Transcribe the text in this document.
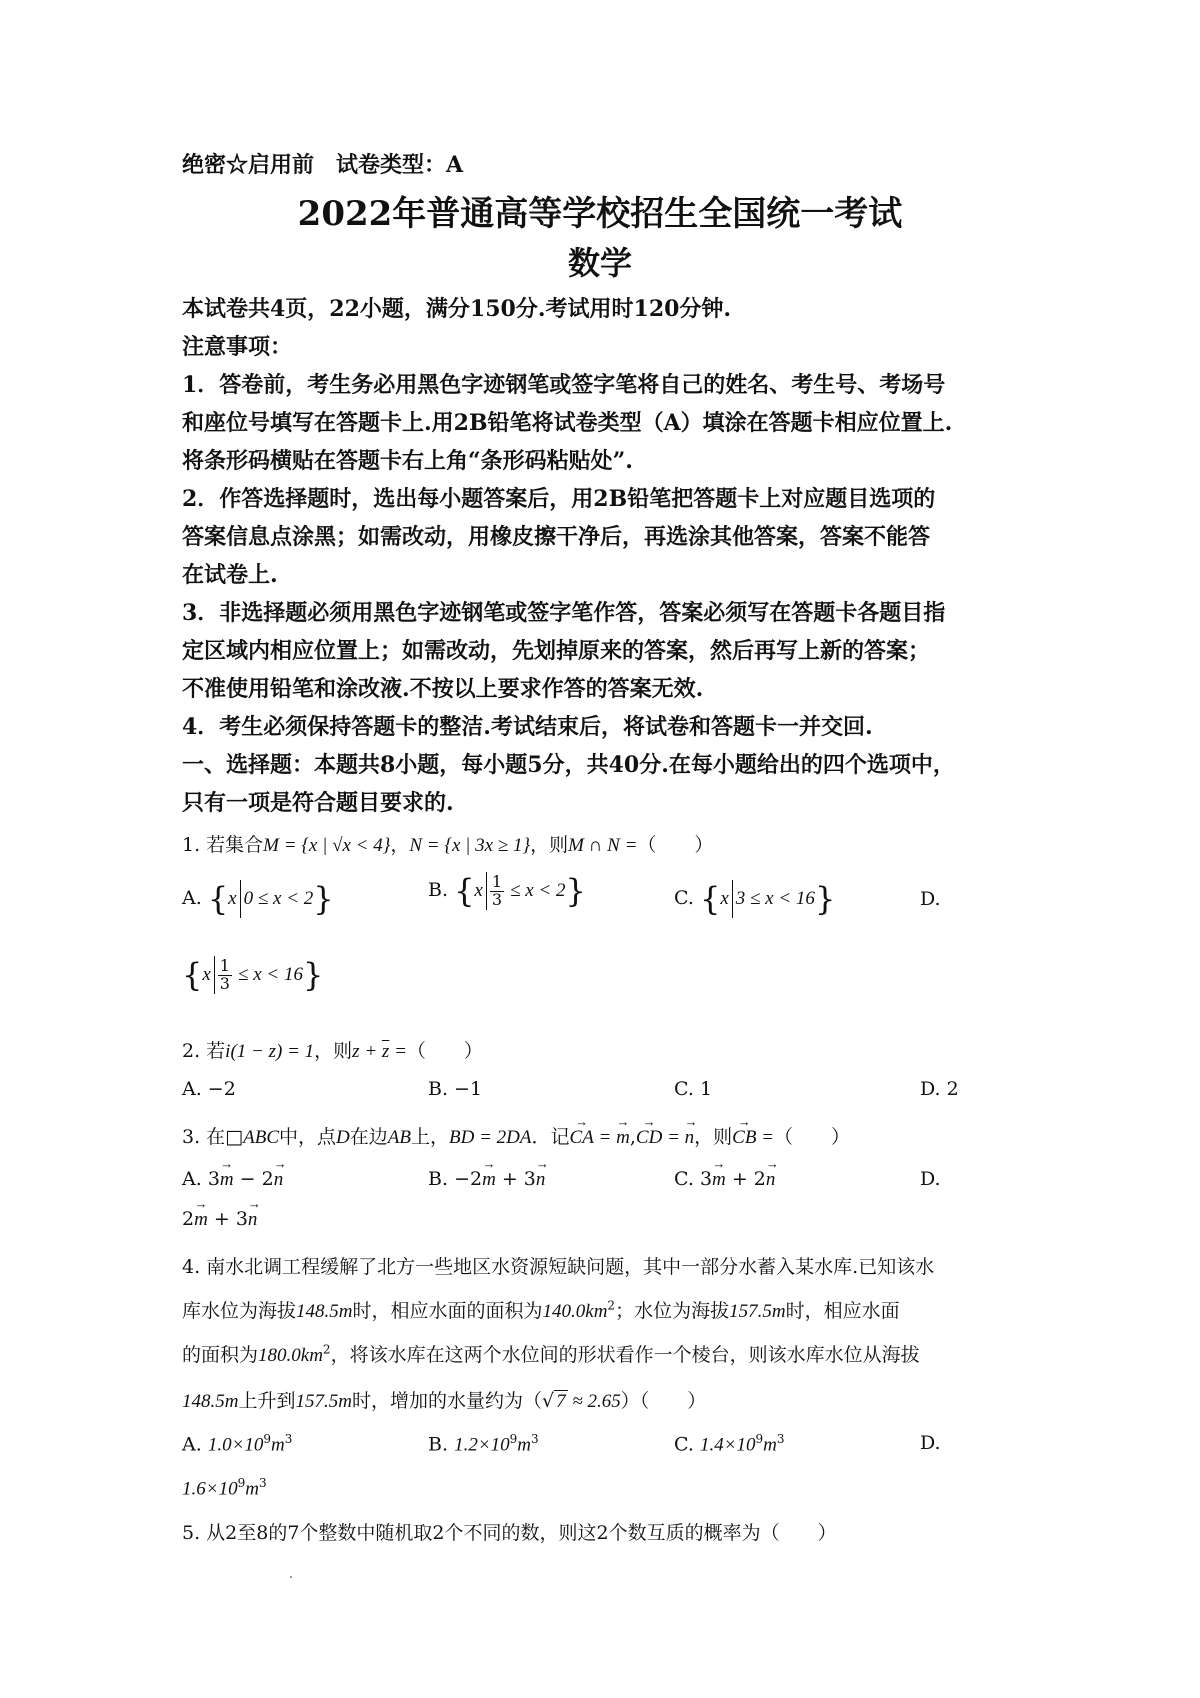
绝密☆启用前　试卷类型：A
2022年普通高等学校招生全国统一考试
数学
本试卷共4页，22小题，满分150分.考试用时120分钟.
注意事项：
1．答卷前，考生务必用黑色字迹钢笔或签字笔将自己的姓名、考生号、考场号
和座位号填写在答题卡上.用2B铅笔将试卷类型（A）填涂在答题卡相应位置上.
将条形码横贴在答题卡右上角“条形码粘贴处”.
2．作答选择题时，选出每小题答案后，用2B铅笔把答题卡上对应题目选项的
答案信息点涂黑；如需改动，用橡皮擦干净后，再选涂其他答案，答案不能答
在试卷上.
3．非选择题必须用黑色字迹钢笔或签字笔作答，答案必须写在答题卡各题目指
定区域内相应位置上；如需改动，先划掉原来的答案，然后再写上新的答案；
不准使用铅笔和涂改液.不按以上要求作答的答案无效.
4．考生必须保持答题卡的整洁.考试结束后，将试卷和答题卡一并交回.
一、选择题：本题共8小题，每小题5分，共40分.在每小题给出的四个选项中，
只有一项是符合题目要求的.
1. 若集合M = {x | √x < 4}，N = {x | 3x ≥ 1}，则M ∩ N =（　　）
A. {x 0 ≤ x < 2}	B. $\{x \frac{1}{3} \le x < 2\}$	C. {x 3 ≤ x < 16}	D.
$\{x \frac{1}{3} \le x < 16\}$
2. 若i(1 − z) = 1，则$z + \overline{z}$ =（　　）
A. −2	B. −1	C. 1	D. 2
3. 在□ABC中，点D在边AB上，BD = 2DA．记→ CA = → m,→ CD = → n，则→ CB =（　　）
A. 3→ m − 2→ n	B. −2→ m + 3→ n	C. 3→ m + 2→ n	D.
2→ m + 3→ n
4. 南水北调工程缓解了北方一些地区水资源短缺问题，其中一部分水蓄入某水库.已知该水
库水位为海拔148.5m时，相应水面的面积为$140.0km^2$；水位为海拔157.5m时，相应水面
的面积为$180.0km^2$，将该水库在这两个水位间的形状看作一个棱台，则该水库水位从海拔
148.5m上升到157.5m时，增加的水量约为（√ 7 ≈ 2.65）（　　）
A. $1.0\times 10^9m^3$	B. $1.2\times 10^9m^3$	C. $1.4\times 10^9m^3$	D.
$1.6\times 10^9m^3$
5. 从2至8的7个整数中随机取2个不同的数，则这2个数互质的概率为（　　）
